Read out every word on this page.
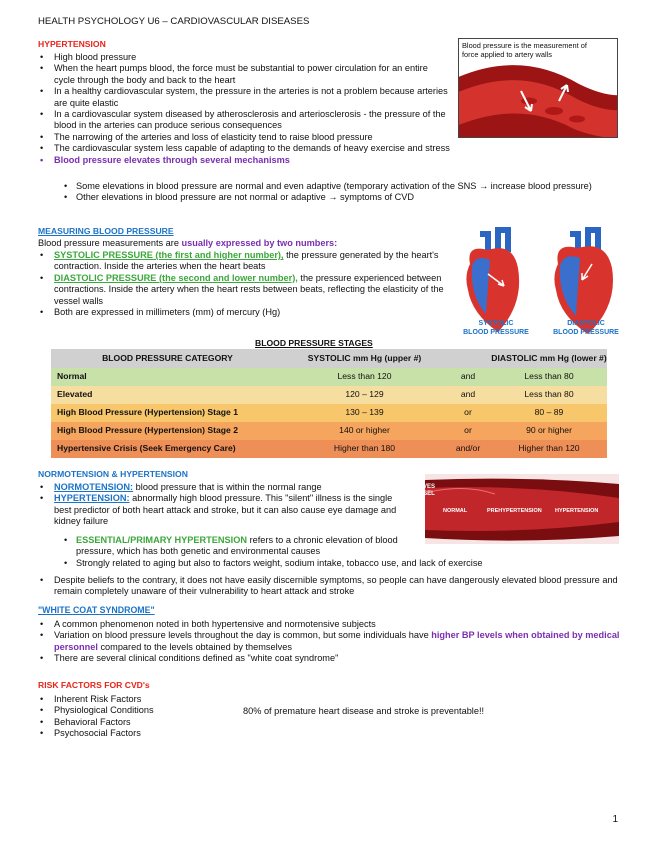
HEALTH PSYCHOLOGY U6 – CARDIOVASCULAR DISEASES
HYPERTENSION
• High blood pressure
• When the heart pumps blood, the force must be substantial to power circulation for an entire cycle through the body and back to the heart
• In a healthy cardiovascular system, the pressure in the arteries is not a problem because arteries are quite elastic
• In a cardiovascular system diseased by atherosclerosis and arteriosclerosis - the pressure of the blood in the arteries can produce serious consequences
• The narrowing of the arteries and loss of elasticity tend to raise blood pressure
• The cardiovascular system less capable of adapting to the demands of heavy exercise and stress
• Blood pressure elevates through several mechanisms
• Some elevations in blood pressure are normal and even adaptive (temporary activation of the SNS → increase blood pressure)
• Other elevations in blood pressure are not normal or adaptive → symptoms of CVD
Blood pressure is the measurement of force applied to artery walls
MEASURING BLOOD PRESSURE
Blood pressure measurements are usually expressed by two numbers:
• SYSTOLIC PRESSURE (the first and higher number), the pressure generated by the heart's contraction. Inside the arteries when the heart beats
• DIASTOLIC PRESSURE (the second and lower number), the pressure experienced between contractions. Inside the artery when the heart rests between beats, reflecting the elasticity of the vessel walls
• Both are expressed in millimeters (mm) of mercury (Hg)
SYSTOLIC
BLOOD PRESSURE
DIASTOLIC
BLOOD PRESSURE
BLOOD PRESSURE STAGES
BLOOD PRESSURE CATEGORY	SYSTOLIC mm Hg (upper #)		DIASTOLIC mm Hg (lower #)
Normal	Less than 120	and	Less than 80
Elevated	120 – 129	and	Less than 80
High Blood Pressure (Hypertension) Stage 1	130 – 139	or	80 – 89
High Blood Pressure (Hypertension) Stage 2	140 or higher	or	90 or higher
Hypertensive Crisis (Seek Emergency Care)	Higher than 180	and/or	Higher than 120
NORMOTENSION & HYPERTENSION
• NORMOTENSION: blood pressure that is within the normal range
• HYPERTENSION: abnormally high blood pressure. This "silent" illness is the single best predictor of both heart attack and stroke, but it can also cause eye damage and kidney failure
• ESSENTIAL/PRIMARY HYPERTENSION refers to a chronic elevation of blood pressure, which has both genetic and environmental causes
• Strongly related to aging but also to factors weight, sodium intake, tobacco use, and lack of exercise
• Despite beliefs to the contrary, it does not have easily discernible symptoms, so people can have dangerously elevated blood pressure and remain completely unaware of their vulnerability to heart attack and stroke
VESSEL
NORMAL	PREHYPERTENSION HYPERTENSION
"WHITE COAT SYNDROME"
• A common phenomenon noted in both hypertensive and normotensive subjects
• Variation on blood pressure levels throughout the day is common, but some individuals have higher BP levels when obtained by medical personnel compared to the levels obtained by themselves
• There are several clinical conditions defined as "white coat syndrome"
RISK FACTORS FOR CVD's
• Inherent Risk Factors
• Physiological Conditions
• Behavioral Factors
• Psychosocial Factors
80% of premature heart disease and stroke is preventable!!
1
